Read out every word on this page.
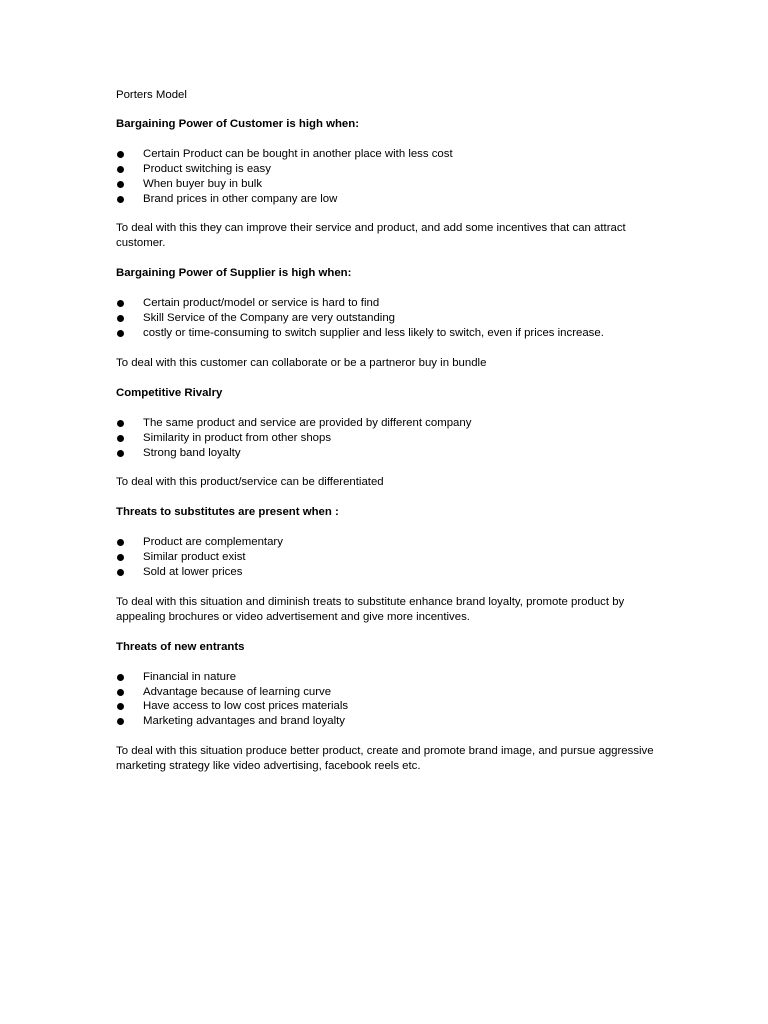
Porters Model

Bargaining Power of Customer is high when:

Certain Product can be bought in another place with less cost
Product switching is easy
When buyer buy in bulk
Brand prices in other company are low

To deal with this they can improve their service and product, and add some incentives that can attract customer.

Bargaining Power of Supplier is high when:

Certain product/model or service is hard to find
Skill Service of the Company are very outstanding
costly or time-consuming to switch supplier and less likely to switch, even if prices increase.

To deal with this customer can collaborate or be a partneror buy in bundle

Competitive Rivalry

The same product and service are provided by different company
Similarity in product from other shops
Strong band loyalty

To deal with this product/service can be differentiated

Threats to substitutes are present when :

Product are complementary
Similar product exist
Sold at lower prices

To deal with this situation and diminish treats to substitute enhance brand loyalty, promote product by appealing brochures or video advertisement and give more incentives.

Threats of new entrants

Financial in nature
Advantage because of learning curve
Have access to low cost prices materials
Marketing advantages and brand loyalty

To deal with this situation produce better product, create and promote brand image, and pursue aggressive marketing strategy like video advertising, facebook reels etc.
